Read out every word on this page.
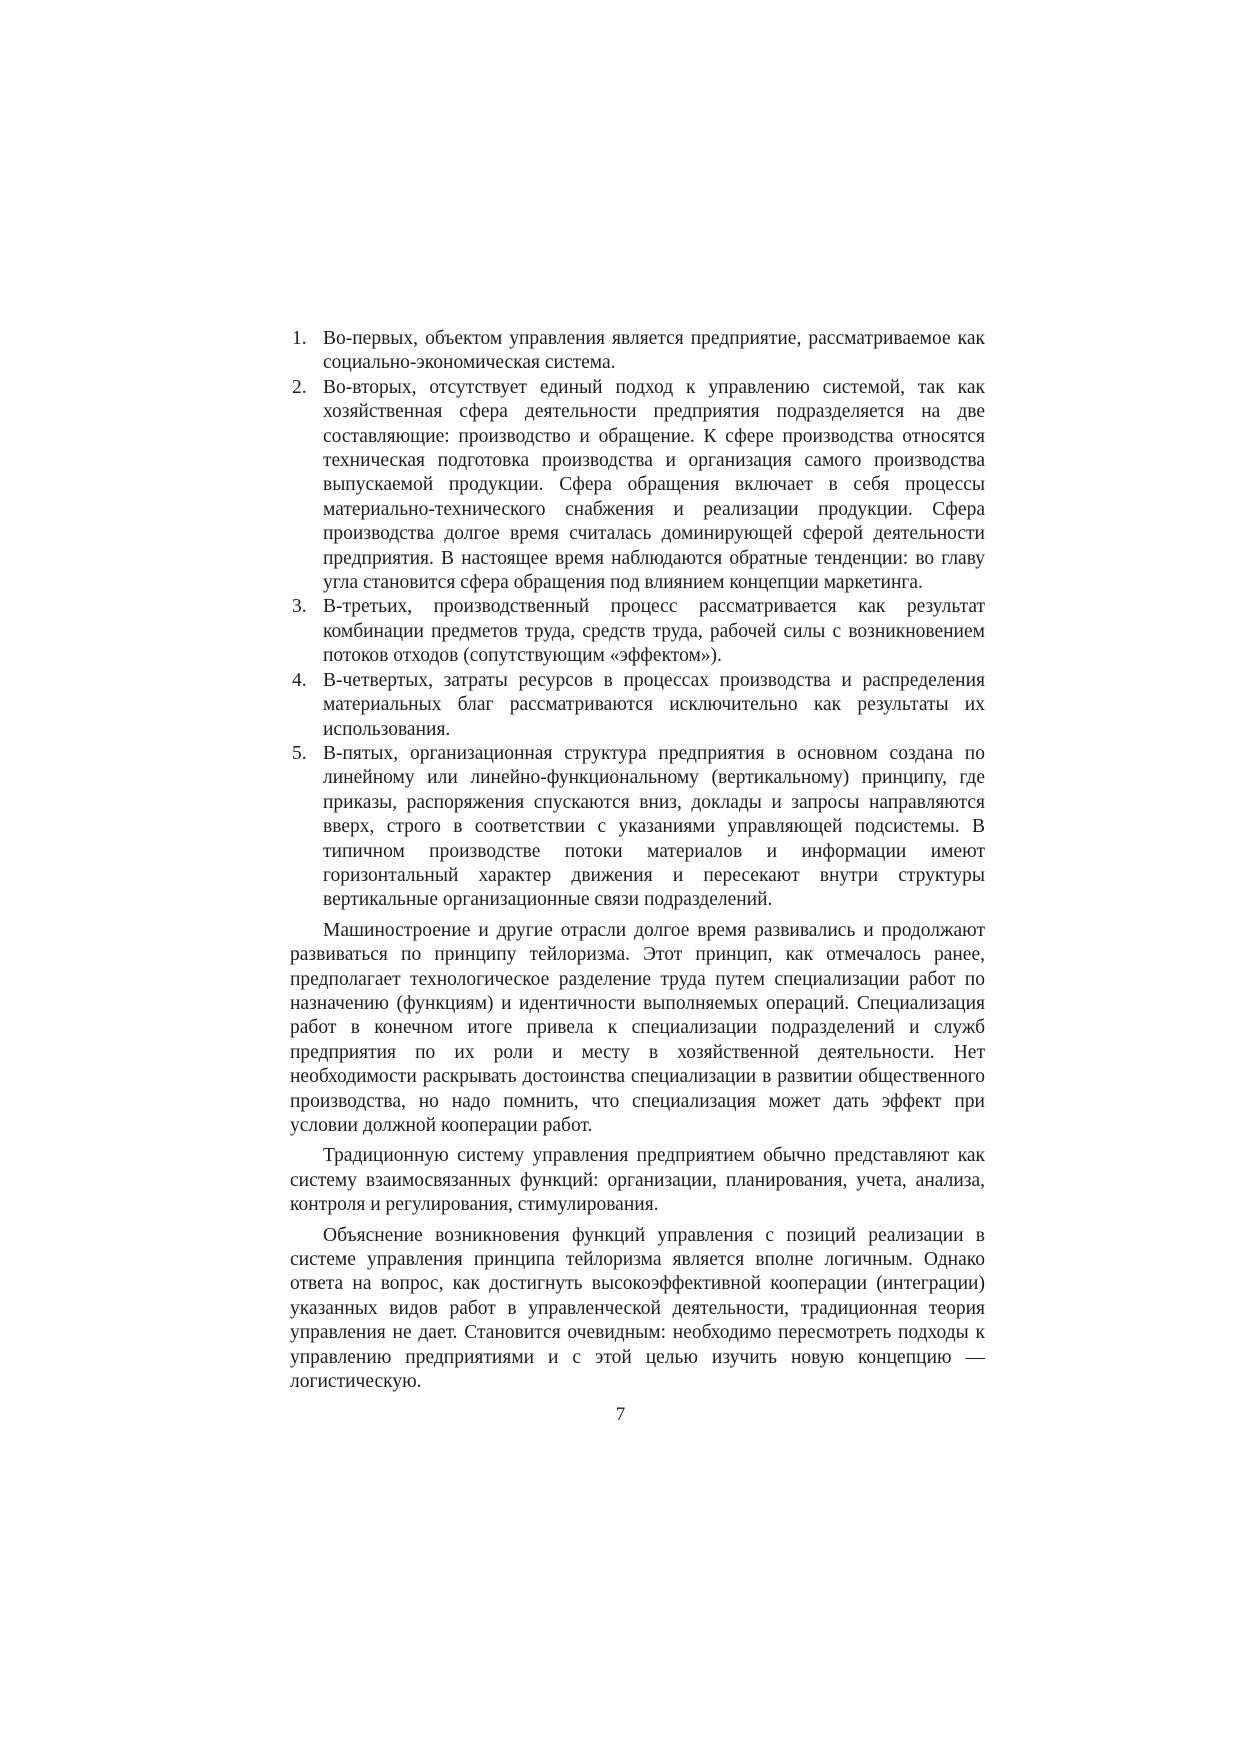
1. Во-первых, объектом управления является предприятие, рассматриваемое как социально-экономическая система.
2. Во-вторых, отсутствует единый подход к управлению системой, так как хозяйственная сфера деятельности предприятия подразделяется на две составляющие: производство и обращение. К сфере производства относятся техническая подготовка производства и организация самого производства выпускаемой продукции. Сфера обращения включает в себя процессы материально-технического снабжения и реализации продукции. Сфера производства долгое время считалась доминирующей сферой деятельности предприятия. В настоящее время наблюдаются обратные тенденции: во главу угла становится сфера обращения под влиянием концепции маркетинга.
3. В-третьих, производственный процесс рассматривается как результат комбинации предметов труда, средств труда, рабочей силы с возникновением потоков отходов (сопутствующим «эффектом»).
4. В-четвертых, затраты ресурсов в процессах производства и распределения материальных благ рассматриваются исключительно как результаты их использования.
5. В-пятых, организационная структура предприятия в основном создана по линейному или линейно-функциональному (вертикальному) принципу, где приказы, распоряжения спускаются вниз, доклады и запросы направляются вверх, строго в соответствии с указаниями управляющей подсистемы. В типичном производстве потоки материалов и информации имеют горизонтальный характер движения и пересекают внутри структуры вертикальные организационные связи подразделений.

Машиностроение и другие отрасли долгое время развивались и продолжают развиваться по принципу тейлоризма. Этот принцип, как отмечалось ранее, предполагает технологическое разделение труда путем специализации работ по назначению (функциям) и идентичности выполняемых операций. Специализация работ в конечном итоге привела к специализации подразделений и служб предприятия по их роли и месту в хозяйственной деятельности. Нет необходимости раскрывать достоинства специализации в развитии общественного производства, но надо помнить, что специализация может дать эффект при условии должной кооперации работ.

Традиционную систему управления предприятием обычно представляют как систему взаимосвязанных функций: организации, планирования, учета, анализа, контроля и регулирования, стимулирования.

Объяснение возникновения функций управления с позиций реализации в системе управления принципа тейлоризма является вполне логичным. Однако ответа на вопрос, как достигнуть высокоэффективной кооперации (интеграции) указанных видов работ в управленческой деятельности, традиционная теория управления не дает. Становится очевидным: необходимо пересмотреть подходы к управлению предприятиями и с этой целью изучить новую концепцию — логистическую.

7
